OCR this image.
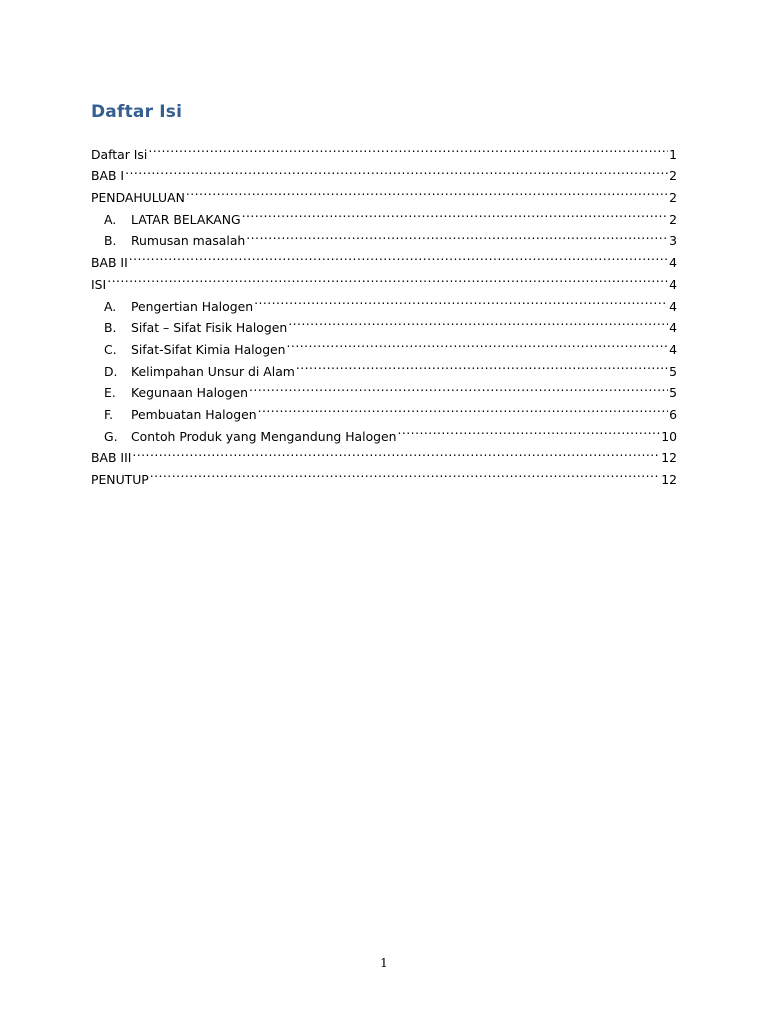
Daftar Isi
Daftar Isi .....	1
BAB I .....	2
PENDAHULUAN .....	2
A.	LATAR BELAKANG .....	2
B.	Rumusan masalah .....	3
BAB II .....	4
ISI .....	4
A.	Pengertian Halogen .....	4
B.	Sifat – Sifat Fisik Halogen .....	4
C.	Sifat-Sifat Kimia Halogen .....	4
D.	Kelimpahan Unsur di Alam .....	5
E.	Kegunaan Halogen .....	5
F.	Pembuatan Halogen .....	6
G.	Contoh Produk yang Mengandung Halogen .....	10
BAB III .....	12
PENUTUP .....	12
1
